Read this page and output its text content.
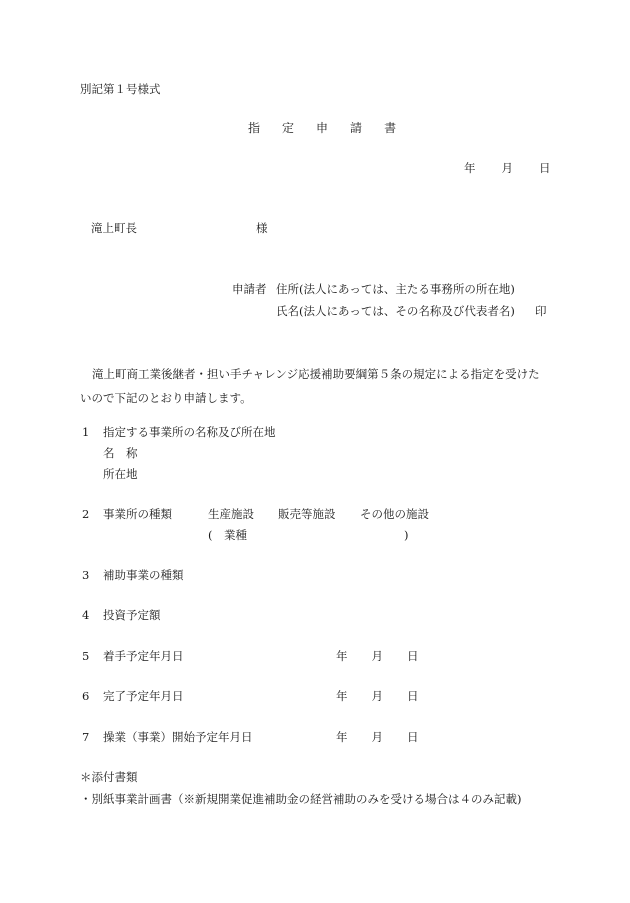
別記第１号様式
指 定 申 請 書
年 月 日
滝上町長	様
申請者 住所(法人にあっては、主たる事務所の所在地)
氏名(法人にあっては、その名称及び代表者名) 印
滝上町商工業後継者・担い手チャレンジ応援補助要綱第５条の規定による指定を受けたいので下記のとおり申請します。
1 指定する事業所の名称及び所在地
名　称
所在地
2 事業所の種類	生産施設 販売等施設 その他の施設
(　業種	)
3 補助事業の種類
4 投資予定額
5 着手予定年月日	年 月 日
6 完了予定年月日	年 月 日
7 操業（事業）開始予定年月日	年 月 日
＊添付書類
・別紙事業計画書（※新規開業促進補助金の経営補助のみを受ける場合は４のみ記載)
